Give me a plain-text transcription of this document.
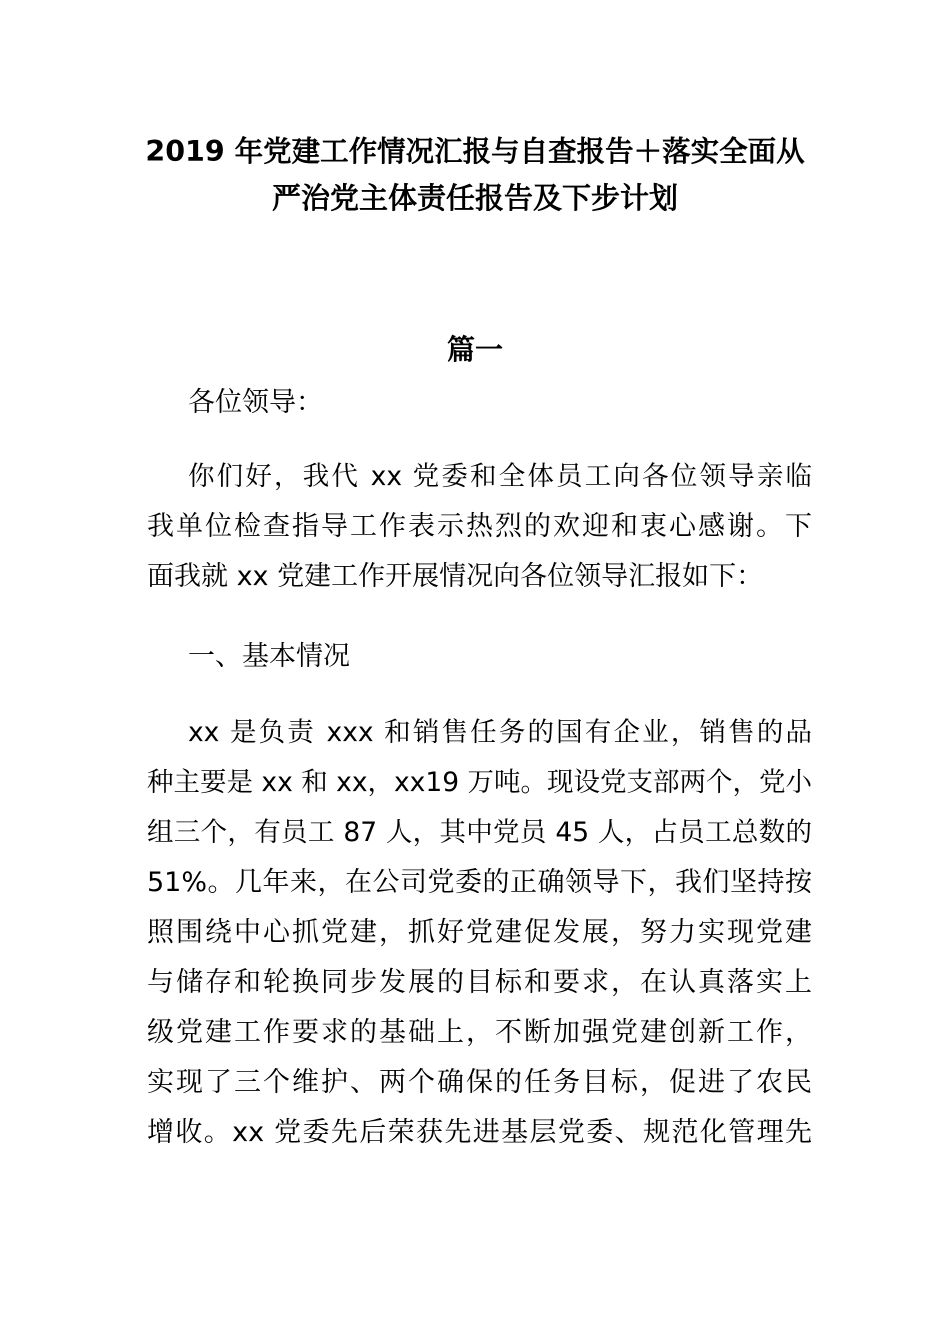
2019 年党建工作情况汇报与自查报告＋落实全面从
严治党主体责任报告及下步计划
篇一
各位领导：
你们好，我代 xx 党委和全体员工向各位领导亲临
我单位检查指导工作表示热烈的欢迎和衷心感谢。下
面我就 xx 党建工作开展情况向各位领导汇报如下：
一、基本情况
xx 是负责 xxx 和销售任务的国有企业，销售的品
种主要是 xx 和 xx，xx19 万吨。现设党支部两个，党小
组三个，有员工 87 人，其中党员 45 人，占员工总数的
51%。几年来，在公司党委的正确领导下，我们坚持按
照围绕中心抓党建，抓好党建促发展，努力实现党建
与储存和轮换同步发展的目标和要求，在认真落实上
级党建工作要求的基础上，不断加强党建创新工作，
实现了三个维护、两个确保的任务目标，促进了农民
增收。xx 党委先后荣获先进基层党委、规范化管理先
